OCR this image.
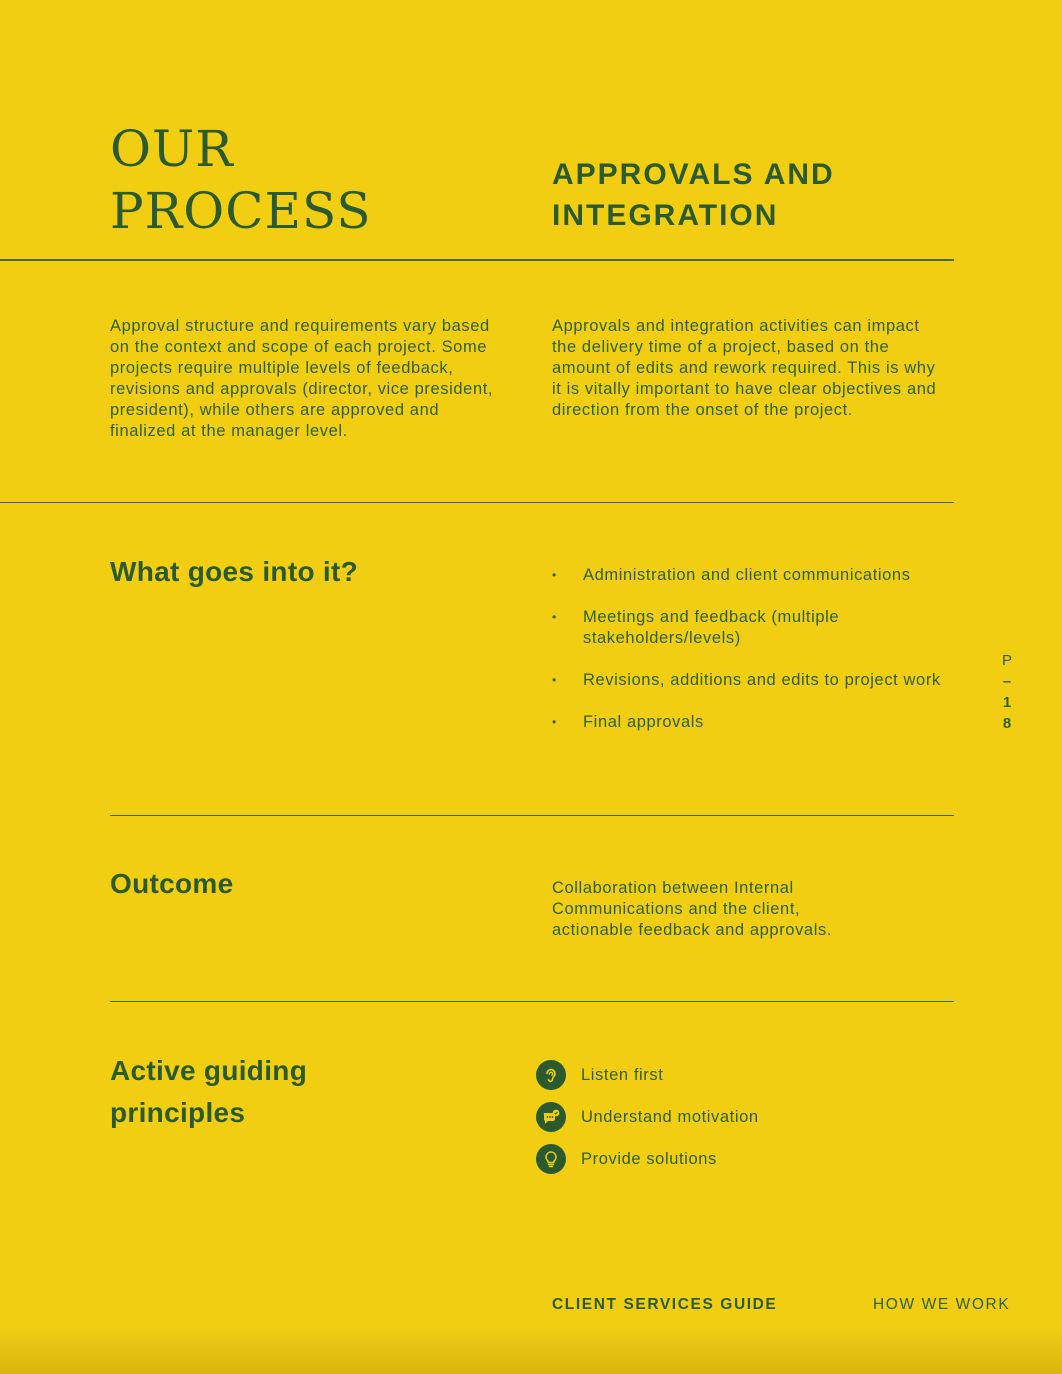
OUR
PROCESS
APPROVALS AND
INTEGRATION

Approval structure and requirements vary based on the context and scope of each project. Some projects require multiple levels of feedback, revisions and approvals (director, vice president, president), while others are approved and finalized at the manager level.

Approvals and integration activities can impact the delivery time of a project, based on the amount of edits and rework required. This is why it is vitally important to have clear objectives and direction from the onset of the project.

What goes into it?	• Administration and client communications
• Meetings and feedback (multiple stakeholders/levels)
• Revisions, additions and edits to project work
• Final approvals
P
–
1
8
Outcome	Collaboration between Internal Communications and the client, actionable feedback and approvals.

Active guiding
principles
Listen first
Understand motivation
Provide solutions
CLIENT SERVICES GUIDE	HOW WE WORK
